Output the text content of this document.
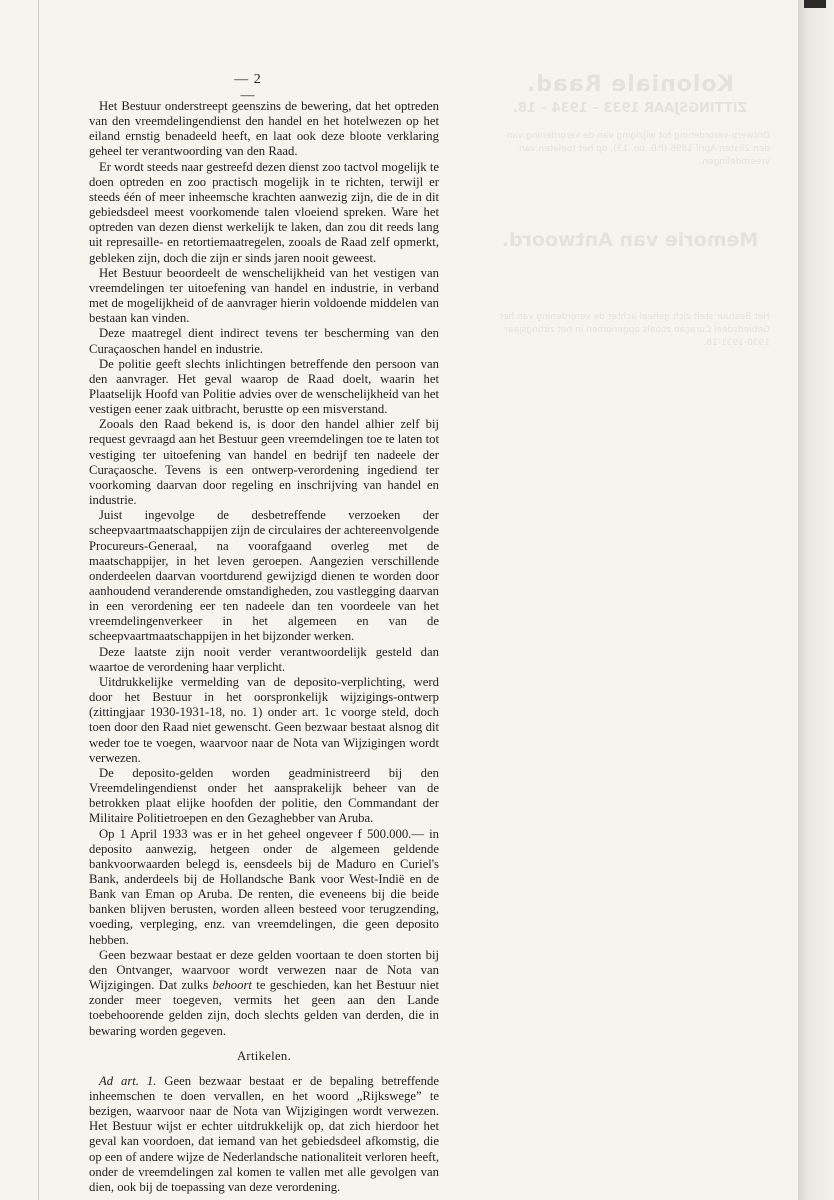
Koloniale Raad.
ZITTINGSJAAR 1933 – 1934 – 18.
Ontwerp-verordening tot wijziging van de verordening van den 28sten April 1896 (P.B. no. 13), op het toelaten van vreemdelingen.
Memorie van Antwoord.
Het Bestuur stelt zich geheel achter de verordening van het Gebiedsdeel Curaçao zooals opgenomen in het zittingsjaar 1930-1931-18.
— 2 —

Het Bestuur onderstreept geenszins de bewering, dat het optreden van den vreemdelingendienst den handel en het hotelwezen op het eiland ernstig benadeeld heeft, en laat ook deze blootе verklaring geheel ter verantwoording van den Raad.

Er wordt steeds naar gestreefd dezen dienst zoo tactvol mogelijk te doen optreden en zoo practisch mogelijk in te richten, terwijl er steeds één of meer inheemsche krachten aanwezig zijn, die de in dit gebiedsdeel meest voorkomende talen vloeiend spreken. Ware het optreden van dezen dienst werkelijk te laken, dan zou dit reeds lang uit represaille- en retortiemaatregelen, zooals de Raad zelf opmerkt, gebleken zijn, doch die zijn er sinds jaren nooit geweest.

Het Bestuur beoordeelt de wenschelijkheid van het vestigen van vreemdelingen ter uitoefening van handel en industrie, in verband met de mogelijkheid of de aanvrager hierin voldoende middelen van bestaan kan vinden.

Deze maatregel dient indirect tevens ter bescherming van den Curaçaoschen handel en industrie.

De politie geeft slechts inlichtingen betreffende den persoon van den aanvrager. Het geval waarop de Raad doelt, waarin het Plaatselijk Hoofd van Politie advies over de wenschelijkheid van het vestigen eener zaak uitbracht, berustte op een misverstand.

Zooals den Raad bekend is, is door den handel alhier zelf bij request gevraagd aan het Bestuur geen vreemdelingen toe te laten tot vestiging ter uitoefening van handel en bedrijf ten nadeele der Curaçaosche. Tevens is een ontwerp-verordening ingediend ter voorkoming daarvan door regeling en inschrijving van handel en industrie.

Juist ingevolge de desbetreffende verzoeken der scheepvaartmaatschappijen zijn de circulaires der achtereenvolgende Procureurs-Generaal, na voorafgaand overleg met de maatschappijer, in het leven geroepen. Aangezien verschillende onderdeelen daarvan voortdurend gewijzigd dienen te worden door aanhoudend veranderende omstandigheden, zou vastlegging daarvan in een verordening eer ten nadeele dan ten voordeele van het vreemdelingenverkeer in het algemeen en van de scheepvaartmaatschappijen in het bijzonder werken.

Deze laatste zijn nooit verder verantwoordelijk gesteld dan waartoe de verordening haar verplicht.

Uitdrukkelijke vermelding van de deposito-verplichting, werd door het Bestuur in het oorspronkelijk wijzigings-ontwerp (zittingjaar 1930-1931-18, no. 1) onder art. 1c voorge steld, doch toen door den Raad niet gewenscht. Geen bezwaar bestaat alsnog dit weder toe te voegen, waarvoor naar de Nota van Wijzigingen wordt verwezen.

De deposito-gelden worden geadministreerd bij den Vreemdelingendienst onder het aansprakelijk beheer van de betrokken plaat elijke hoofden der politie, den Commandant der Militaire Politietroepen en den Gezaghebber van Aruba.

Op 1 April 1933 was er in het geheel ongeveer f 500.000.— in deposito aanwezig, hetgeen onder de algemeen geldende bankvoorwaarden belegd is, eensdeels bij de Maduro en Curiel's Bank, anderdeels bij de Hollandsche Bank voor West-Indië en de Bank van Eman op Aruba. De renten, die eveneens bij die beide banken blijven berusten, worden alleen besteed voor terugzending, voeding, verpleging, enz. van vreemdelingen, die geen deposito hebben.

Geen bezwaar bestaat er deze gelden voortaan te doen storten bij den Ontvanger, waarvoor wordt verwezen naar de Nota van Wijzigingen. Dat zulks behoort te geschieden, kan het Bestuur niet zonder meer toegeven, vermits het geen aan den Lande toebehoorende gelden zijn, doch slechts gelden van derden, die in bewaring worden gegeven.

Artikelen.

Ad art. 1. Geen bezwaar bestaat er de bepaling betreffende inheemschen te doen vervallen, en het woord „Rijkswege” te bezigen, waarvoor naar de Nota van Wijzigingen wordt verwezen. Het Bestuur wijst er echter uitdrukkelijk op, dat zich hierdoor het geval kan voordoen, dat iemand van het gebiedsdeel afkomstig, die op een of andere wijze de Nederlandsche nationaliteit verloren heeft, onder de vreemdelingen zal komen te vallen met alle gevolgen van dien, ook bij de toepassing van deze verordening.
